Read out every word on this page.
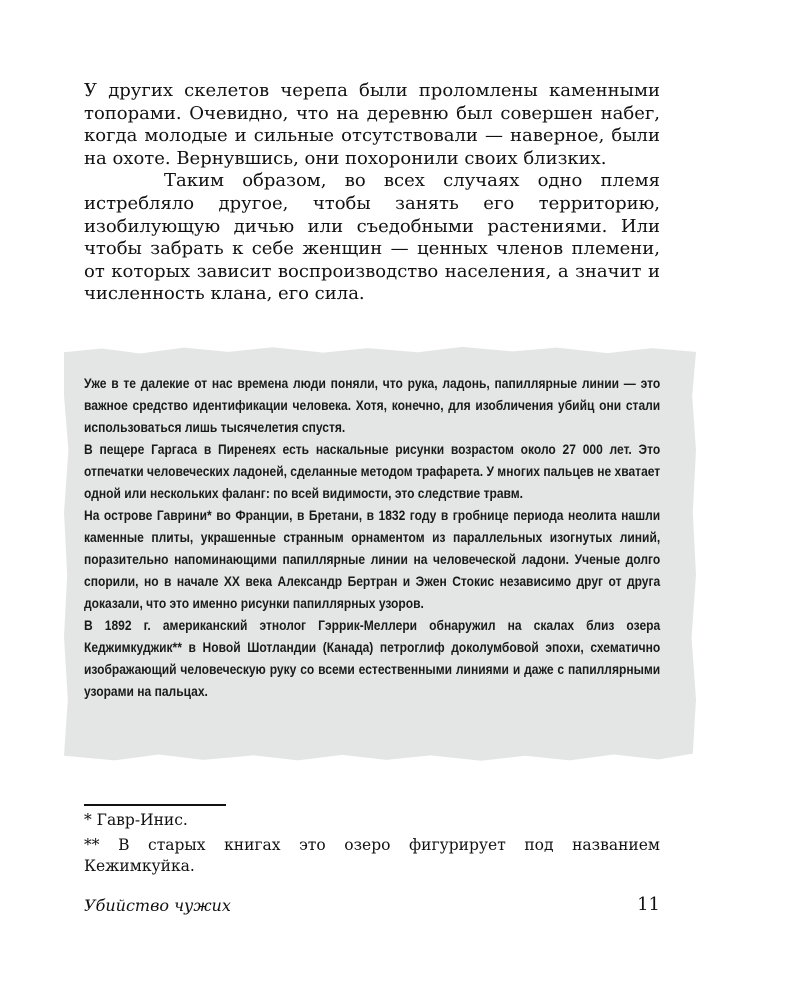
У других скелетов черепа были проломлены каменными топорами. Очевидно, что на деревню был совершен набег, когда молодые и сильные отсутствовали — наверное, были на охоте. Вернувшись, они похоронили своих близких.

Таким образом, во всех случаях одно племя истребляло другое, чтобы занять его территорию, изобилующую дичью или съедобными растениями. Или чтобы забрать к себе женщин — ценных членов племени, от которых зависит воспроизводство населения, а значит и численность клана, его сила.

Уже в те далекие от нас времена люди поняли, что рука, ладонь, папиллярные линии — это важное средство идентификации человека. Хотя, конечно, для изобличения убийц они стали использоваться лишь тысячелетия спустя.

В пещере Гаргаса в Пиренеях есть наскальные рисунки возрастом около 27 000 лет. Это отпечатки человеческих ладоней, сделанные методом трафарета. У многих пальцев не хватает одной или нескольких фаланг: по всей видимости, это следствие травм.

На острове Гаврини* во Франции, в Бретани, в 1832 году в гробнице периода неолита нашли каменные плиты, украшенные странным орнаментом из параллельных изогнутых линий, поразительно напоминающими папиллярные линии на человеческой ладони. Ученые долго спорили, но в начале XX века Александр Бертран и Эжен Стокис независимо друг от друга доказали, что это именно рисунки папиллярных узоров.

В 1892 г. американский этнолог Гэррик-Меллери обнаружил на скалах близ озера Кеджимкуджик** в Новой Шотландии (Канада) петроглиф доколумбовой эпохи, схематично изображающий человеческую руку со всеми естественными линиями и даже с папиллярными узорами на пальцах.

* Гавр-Инис.

** В старых книгах это озеро фигурирует под названием Кежимкуйка.

Убийство чужих	11
